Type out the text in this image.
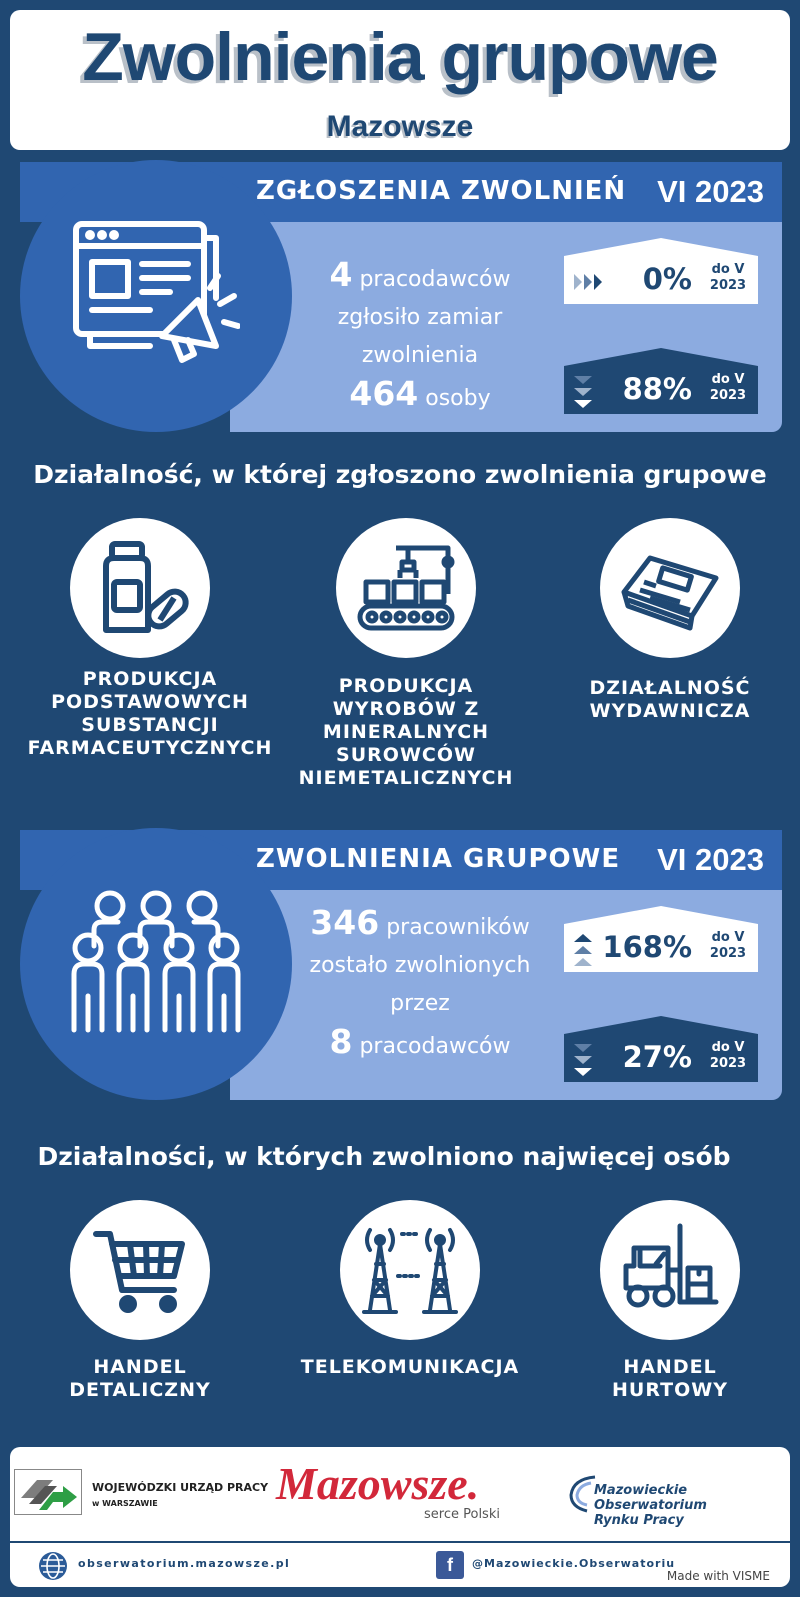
Zwolnienia grupowe
Mazowsze
ZGŁOSZENIA ZWOLNIEŃ VI 2023
4 pracodawców
zgłosiło zamiar
zwolnienia
464 osoby
0%	do V
2023
88%	do V
2023
Działalność, w której zgłoszono zwolnienia grupowe
PRODUKCJA
PODSTAWOWYCH
SUBSTANCJI
FARMACEUTYCZNYCH
PRODUKCJA
WYROBÓW Z
MINERALNYCH
SUROWCÓW
NIEMETALICZNYCH
DZIAŁALNOŚĆ
WYDAWNICZA
ZWOLNIENIA GRUPOWE VI 2023
346 pracowników
zostało zwolnionych
przez
8 pracodawców
168%	do V
2023
27%	do V
2023
Działalności, w których zwolniono najwięcej osób
HANDEL
DETALICZNY
TELEKOMUNIKACJA	HANDEL
HURTOWY
WOJEWÓDZKI URZĄD PRACY
w WARSZAWIE	Mazowsze.
serce Polski
Mazowieckie Obserwatorium
Rynku Pracy
obserwatorium.mazowsze.pl	f	@Mazowieckie.Obserwatoriu
Made with VISME
